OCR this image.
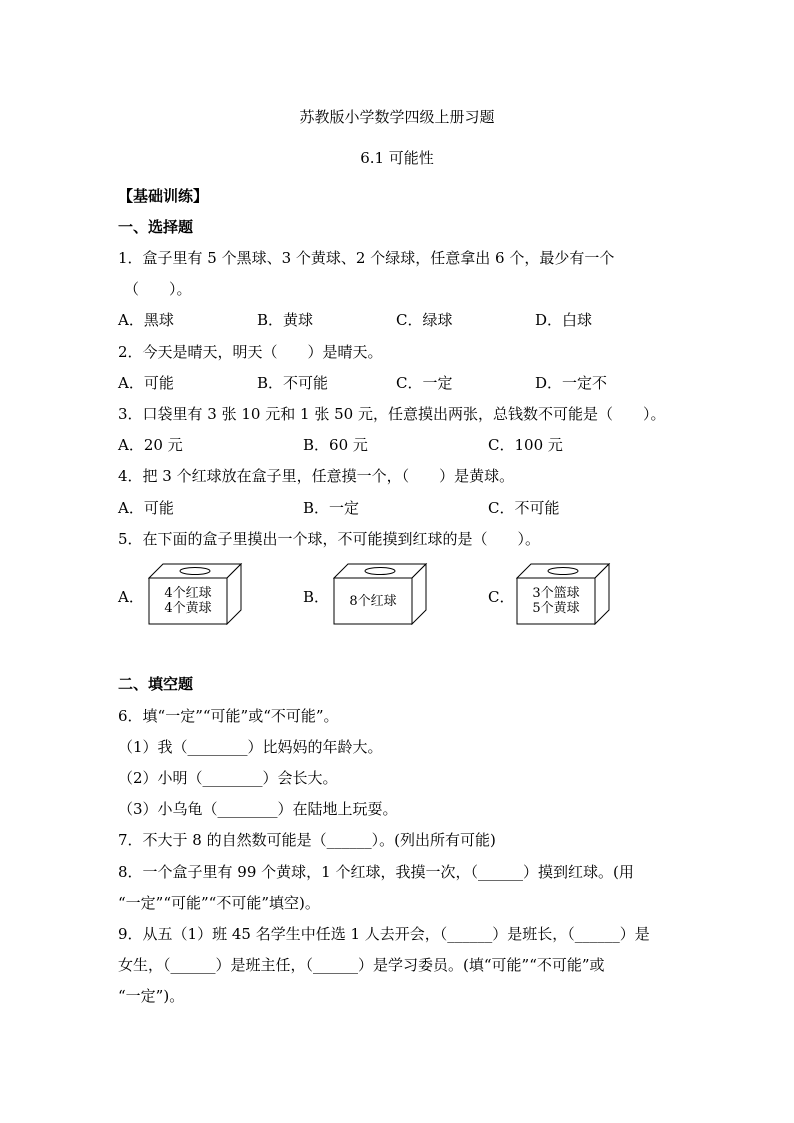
苏教版小学数学四级上册习题
6.1 可能性
【基础训练】
一、选择题
1．盒子里有 5 个黑球、3 个黄球、2 个绿球，任意拿出 6 个，最少有一个
（　　）。
A．黑球	B．黄球	C．绿球	D．白球
2．今天是晴天，明天（　　）是晴天。
A．可能	B．不可能	C．一定	D．一定不
3．口袋里有 3 张 10 元和 1 张 50 元，任意摸出两张，总钱数不可能是（　　）。
A．20 元	B．60 元	C．100 元
4．把 3 个红球放在盒子里，任意摸一个，（　　）是黄球。
A．可能	B．一定	C．不可能
5．在下面的盒子里摸出一个球，不可能摸到红球的是（　　）。
A．	4个红球
4个黄球
B．	8个红球	C．	3个篮球
5个黄球
二、填空题
6．填“一定”“可能”或“不可能”。
（1）我（________）比妈妈的年龄大。
（2）小明（________）会长大。
（3）小乌龟（________）在陆地上玩耍。
7．不大于 8 的自然数可能是（______）。(列出所有可能)
8．一个盒子里有 99 个黄球，1 个红球，我摸一次，（______）摸到红球。(用
“一定”“可能”“不可能”填空)。
9．从五（1）班 45 名学生中任选 1 人去开会，（______）是班长，（______）是
女生，（______）是班主任，（______）是学习委员。(填“可能”“不可能”或
“一定”)。
